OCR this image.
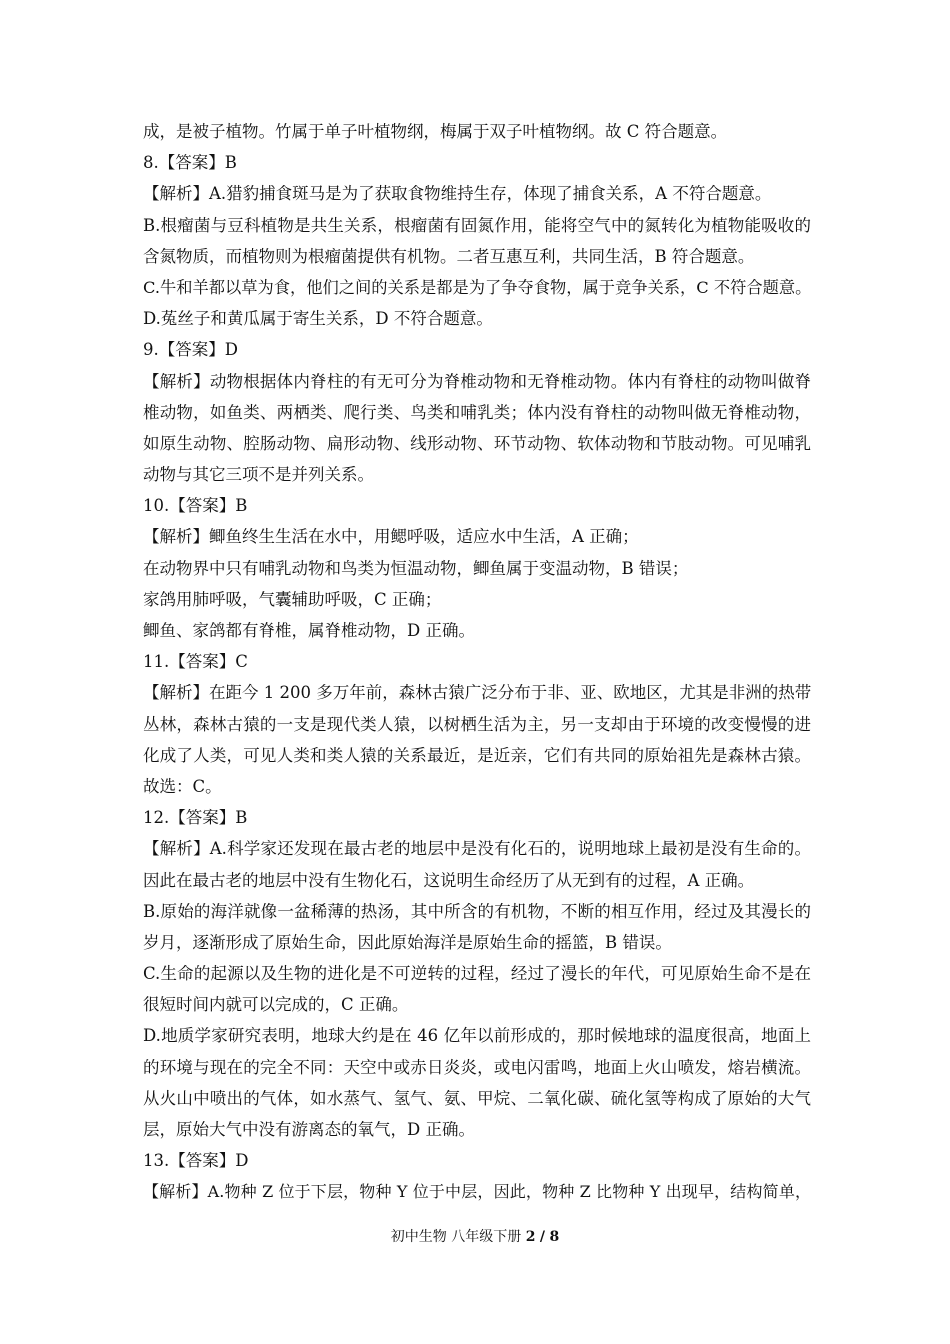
成，是被子植物。竹属于单子叶植物纲，梅属于双子叶植物纲。故 C 符合题意。
8.【答案】B
【解析】A.猎豹捕食斑马是为了获取食物维持生存，体现了捕食关系，A 不符合题意。
B.根瘤菌与豆科植物是共生关系，根瘤菌有固氮作用，能将空气中的氮转化为植物能吸收的
含氮物质，而植物则为根瘤菌提供有机物。二者互惠互利，共同生活，B 符合题意。
C.牛和羊都以草为食，他们之间的关系是都是为了争夺食物，属于竞争关系，C 不符合题意。
D.菟丝子和黄瓜属于寄生关系，D 不符合题意。
9.【答案】D
【解析】动物根据体内脊柱的有无可分为脊椎动物和无脊椎动物。体内有脊柱的动物叫做脊
椎动物，如鱼类、两栖类、爬行类、鸟类和哺乳类；体内没有脊柱的动物叫做无脊椎动物，
如原生动物、腔肠动物、扁形动物、线形动物、环节动物、软体动物和节肢动物。可见哺乳
动物与其它三项不是并列关系。
10.【答案】B
【解析】鲫鱼终生生活在水中，用鳃呼吸，适应水中生活，A 正确；
在动物界中只有哺乳动物和鸟类为恒温动物，鲫鱼属于变温动物，B 错误；
家鸽用肺呼吸，气囊辅助呼吸，C 正确；
鲫鱼、家鸽都有脊椎，属脊椎动物，D 正确。
11.【答案】C
【解析】在距今 1 200 多万年前，森林古猿广泛分布于非、亚、欧地区，尤其是非洲的热带
丛林，森林古猿的一支是现代类人猿，以树栖生活为主，另一支却由于环境的改变慢慢的进
化成了人类，可见人类和类人猿的关系最近，是近亲，它们有共同的原始祖先是森林古猿。
故选：C。
12.【答案】B
【解析】A.科学家还发现在最古老的地层中是没有化石的，说明地球上最初是没有生命的。
因此在最古老的地层中没有生物化石，这说明生命经历了从无到有的过程，A 正确。
B.原始的海洋就像一盆稀薄的热汤，其中所含的有机物，不断的相互作用，经过及其漫长的
岁月，逐渐形成了原始生命，因此原始海洋是原始生命的摇篮，B 错误。
C.生命的起源以及生物的进化是不可逆转的过程，经过了漫长的年代，可见原始生命不是在
很短时间内就可以完成的，C 正确。
D.地质学家研究表明，地球大约是在 46 亿年以前形成的，那时候地球的温度很高，地面上
的环境与现在的完全不同：天空中或赤日炎炎，或电闪雷鸣，地面上火山喷发，熔岩横流。
从火山中喷出的气体，如水蒸气、氢气、氨、甲烷、二氧化碳、硫化氢等构成了原始的大气
层，原始大气中没有游离态的氧气，D 正确。
13.【答案】D
【解析】A.物种 Z 位于下层，物种 Y 位于中层，因此，物种 Z 比物种 Y 出现早，结构简单，
初中生物 八年级下册 2 / 8
